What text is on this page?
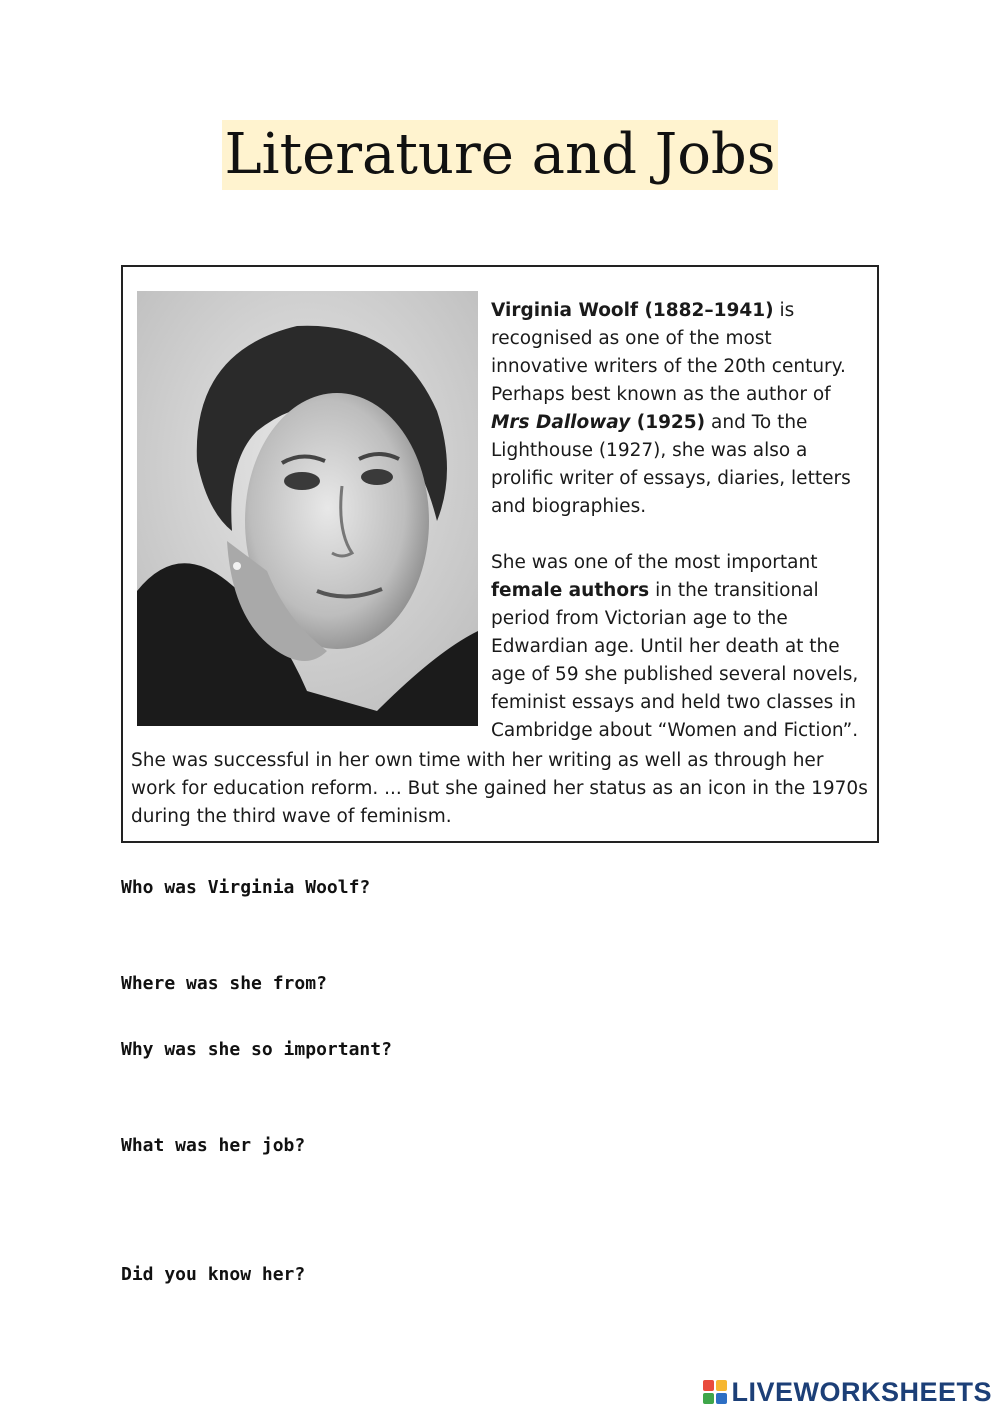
Literature and Jobs

Virginia Woolf (1882–1941) is recognised as one of the most innovative writers of the 20th century. Perhaps best known as the author of Mrs Dalloway (1925) and To the Lighthouse (1927), she was also a prolific writer of essays, diaries, letters and biographies.

She was one of the most important female authors in the transitional period from Victorian age to the Edwardian age. Until her death at the age of 59 she published several novels, feminist essays and held two classes in Cambridge about “Women and Fiction”.

She was successful in her own time with her writing as well as through her work for education reform. ... But she gained her status as an icon in the 1970s during the third wave of feminism.
Who was Virginia Woolf?
Where was she from?
Why was she so important?
What was her job?
Did you know her?
LIVEWORKSHEETS
